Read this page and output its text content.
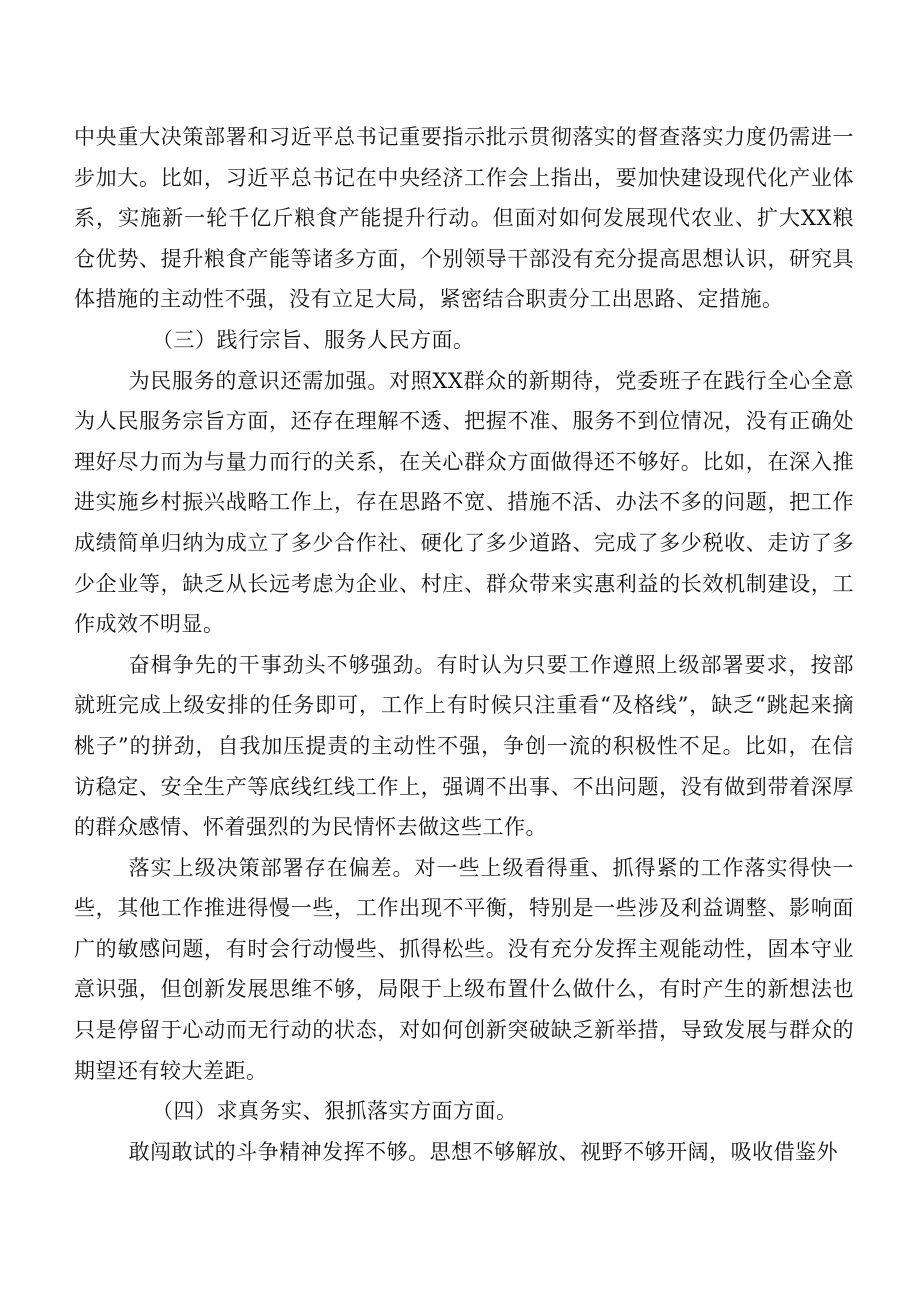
中央重大决策部署和习近平总书记重要指示批示贯彻落实的督查落实力度仍需进一步加大。比如，习近平总书记在中央经济工作会上指出，要加快建设现代化产业体系，实施新一轮千亿斤粮食产能提升行动。但面对如何发展现代农业、扩大XX粮仓优势、提升粮食产能等诸多方面，个别领导干部没有充分提高思想认识，研究具体措施的主动性不强，没有立足大局，紧密结合职责分工出思路、定措施。

（三）践行宗旨、服务人民方面。

为民服务的意识还需加强。对照XX群众的新期待，党委班子在践行全心全意为人民服务宗旨方面，还存在理解不透、把握不准、服务不到位情况，没有正确处理好尽力而为与量力而行的关系，在关心群众方面做得还不够好。比如，在深入推进实施乡村振兴战略工作上，存在思路不宽、措施不活、办法不多的问题，把工作成绩简单归纳为成立了多少合作社、硬化了多少道路、完成了多少税收、走访了多少企业等，缺乏从长远考虑为企业、村庄、群众带来实惠利益的长效机制建设，工作成效不明显。

奋楫争先的干事劲头不够强劲。有时认为只要工作遵照上级部署要求，按部就班完成上级安排的任务即可，工作上有时候只注重看“及格线”，缺乏“跳起来摘桃子”的拼劲，自我加压提责的主动性不强，争创一流的积极性不足。比如，在信访稳定、安全生产等底线红线工作上，强调不出事、不出问题，没有做到带着深厚的群众感情、怀着强烈的为民情怀去做这些工作。

落实上级决策部署存在偏差。对一些上级看得重、抓得紧的工作落实得快一些，其他工作推进得慢一些，工作出现不平衡，特别是一些涉及利益调整、影响面广的敏感问题，有时会行动慢些、抓得松些。没有充分发挥主观能动性，固本守业意识强，但创新发展思维不够，局限于上级布置什么做什么，有时产生的新想法也只是停留于心动而无行动的状态，对如何创新突破缺乏新举措，导致发展与群众的期望还有较大差距。

（四）求真务实、狠抓落实方面方面。

敢闯敢试的斗争精神发挥不够。思想不够解放、视野不够开阔，吸收借鉴外
